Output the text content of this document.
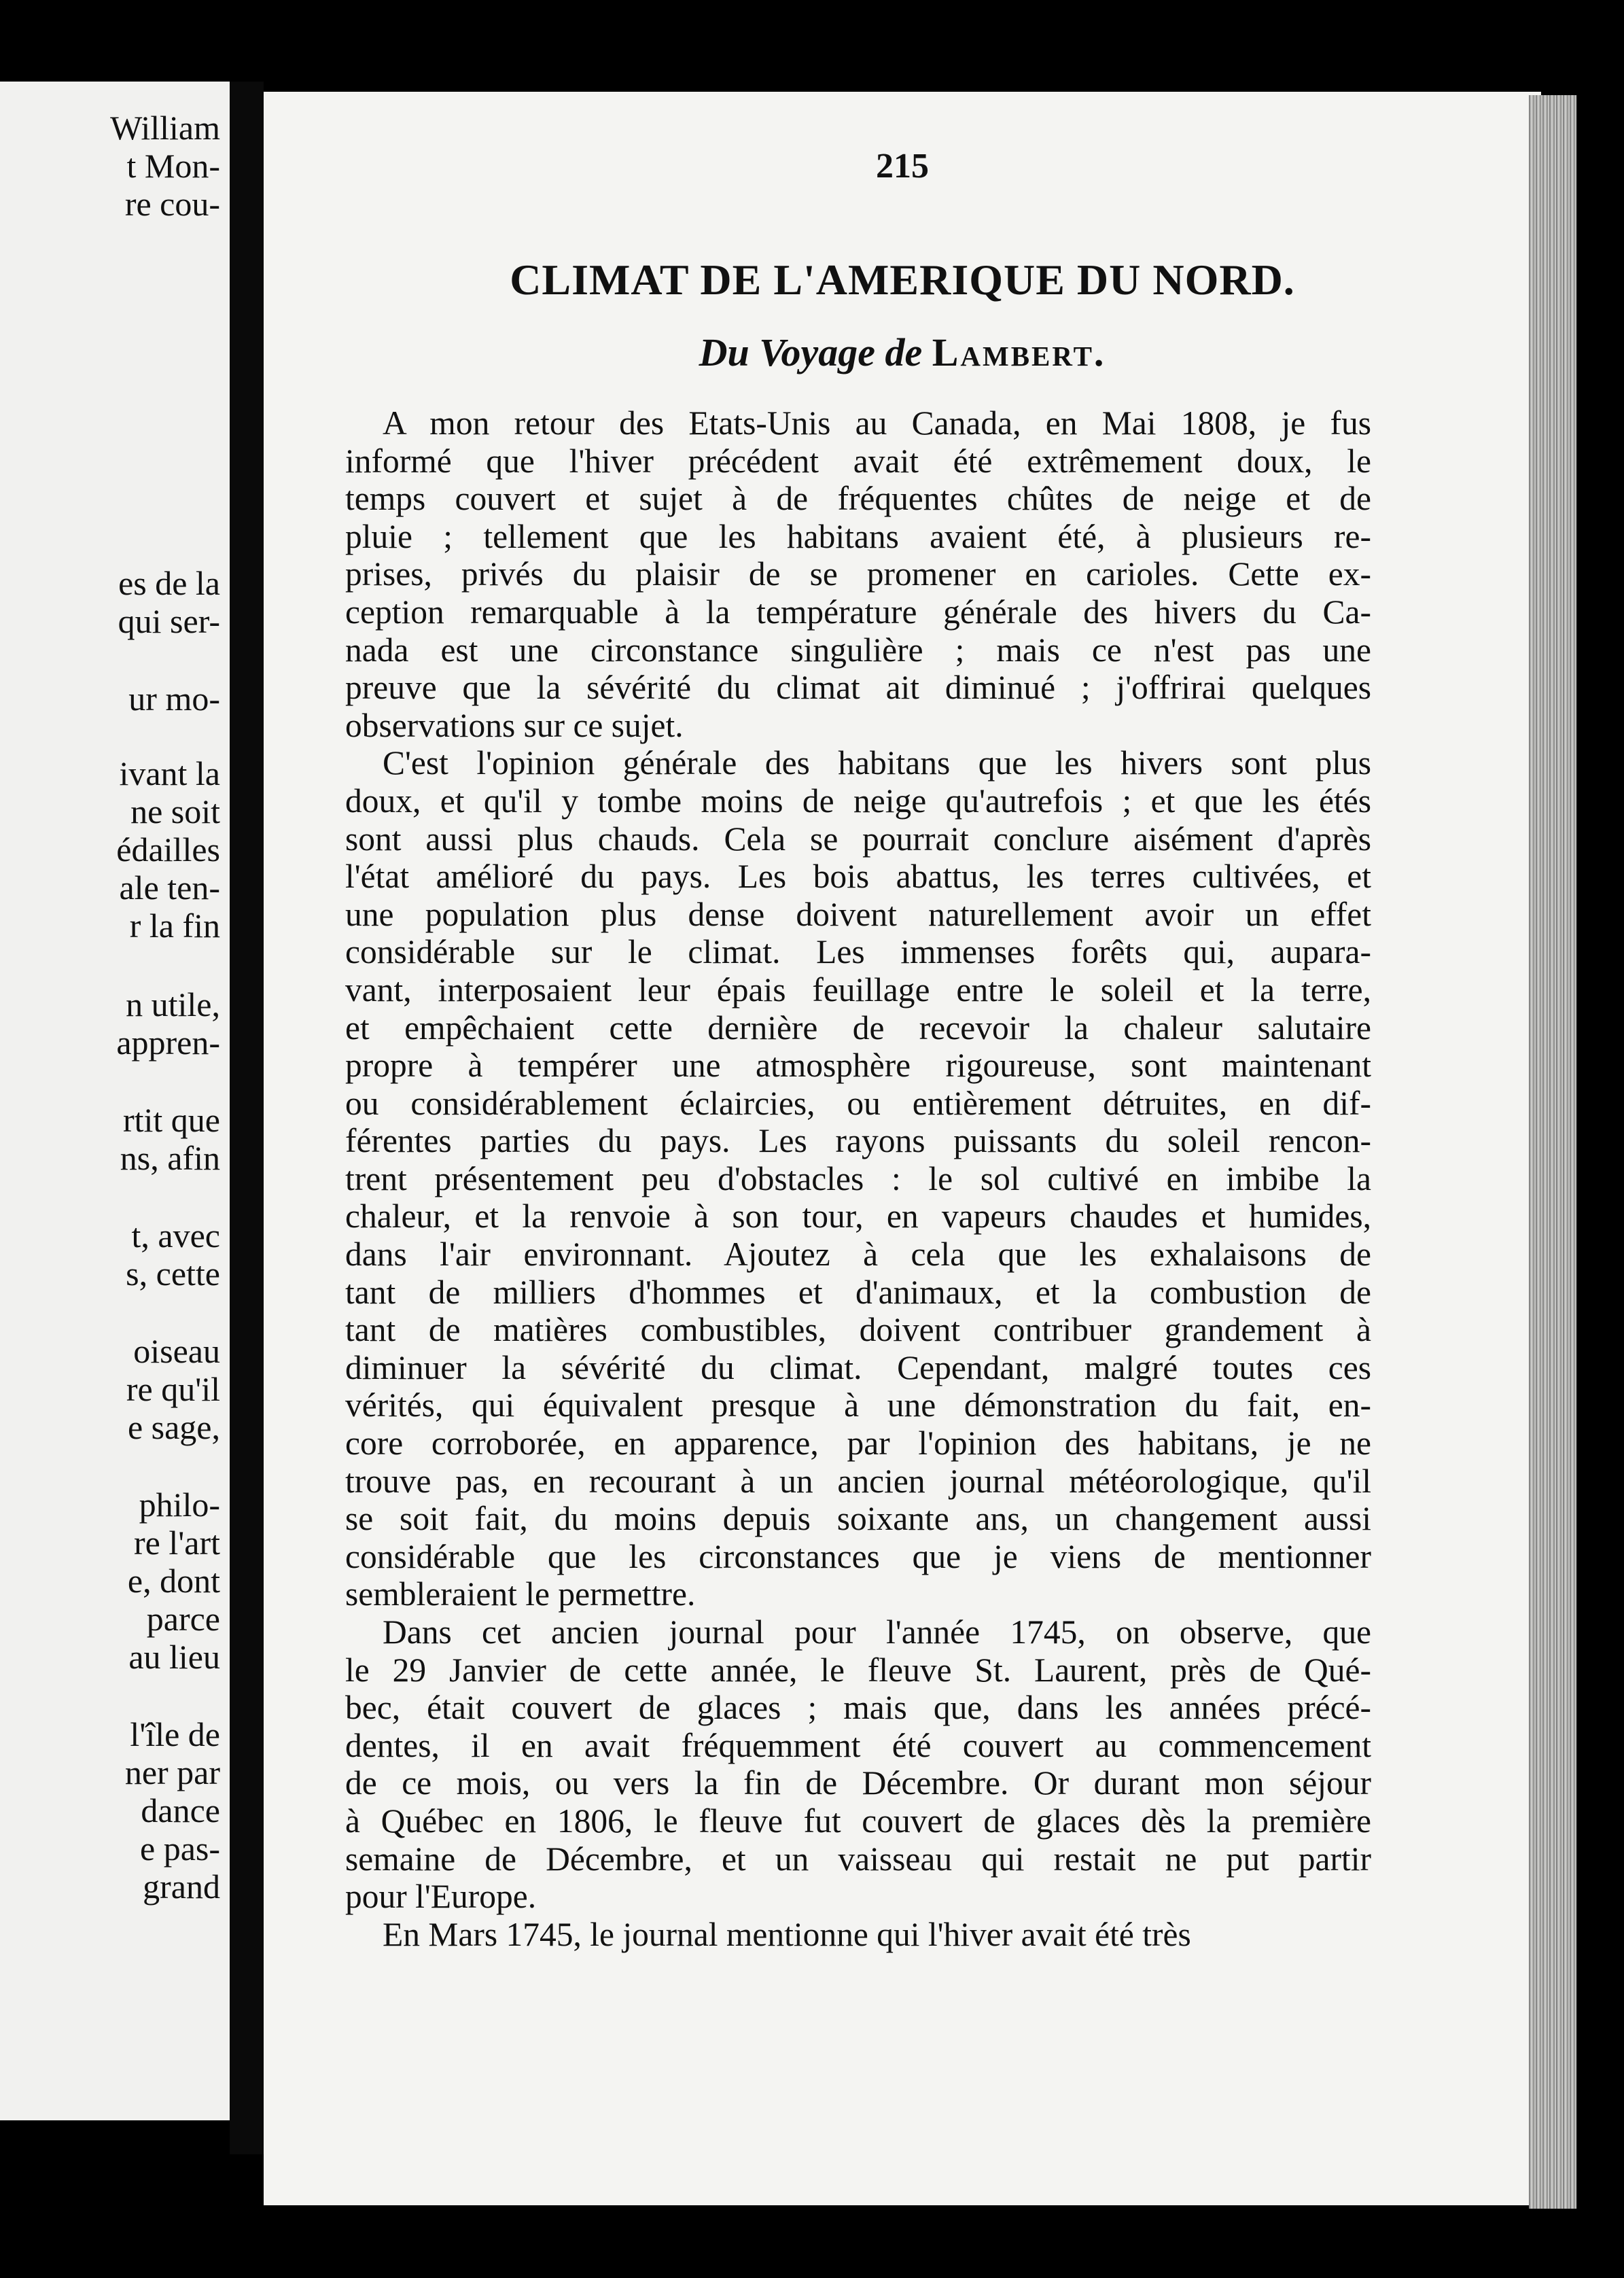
William
t Mon-
re cou-
es de la
qui ser-
ur mo-
ivant la
ne soit
édailles
ale ten-
r la fin
n utile,
appren-
rtit que
ns, afin
t, avec
s, cette
oiseau
re qu'il
e sage,
philo-
re l'art
e, dont
parce
au lieu
l'île de
ner par
dance
e pas-
grand
215
CLIMAT DE L'AMERIQUE DU NORD.
Du Voyage de Lambert.
A mon retour des Etats-Unis au Canada, en Mai 1808, je fus
informé que l'hiver précédent avait été extrêmement doux, le
temps couvert et sujet à de fréquentes chûtes de neige et de
pluie ; tellement que les habitans avaient été, à plusieurs re-
prises, privés du plaisir de se promener en carioles. Cette ex-
ception remarquable à la température générale des hivers du Ca-
nada est une circonstance singulière ; mais ce n'est pas une
preuve que la sévérité du climat ait diminué ; j'offrirai quelques
observations sur ce sujet.
C'est l'opinion générale des habitans que les hivers sont plus
doux, et qu'il y tombe moins de neige qu'autrefois ; et que les étés
sont aussi plus chauds. Cela se pourrait conclure aisément d'après
l'état amélioré du pays. Les bois abattus, les terres cultivées, et
une population plus dense doivent naturellement avoir un effet
considérable sur le climat. Les immenses forêts qui, aupara-
vant, interposaient leur épais feuillage entre le soleil et la terre,
et empêchaient cette dernière de recevoir la chaleur salutaire
propre à tempérer une atmosphère rigoureuse, sont maintenant
ou considérablement éclaircies, ou entièrement détruites, en dif-
férentes parties du pays. Les rayons puissants du soleil rencon-
trent présentement peu d'obstacles : le sol cultivé en imbibe la
chaleur, et la renvoie à son tour, en vapeurs chaudes et humides,
dans l'air environnant. Ajoutez à cela que les exhalaisons de
tant de milliers d'hommes et d'animaux, et la combustion de
tant de matières combustibles, doivent contribuer grandement à
diminuer la sévérité du climat. Cependant, malgré toutes ces
vérités, qui équivalent presque à une démonstration du fait, en-
core corroborée, en apparence, par l'opinion des habitans, je ne
trouve pas, en recourant à un ancien journal météorologique, qu'il
se soit fait, du moins depuis soixante ans, un changement aussi
considérable que les circonstances que je viens de mentionner
sembleraient le permettre.
Dans cet ancien journal pour l'année 1745, on observe, que
le 29 Janvier de cette année, le fleuve St. Laurent, près de Qué-
bec, était couvert de glaces ; mais que, dans les années précé-
dentes, il en avait fréquemment été couvert au commencement
de ce mois, ou vers la fin de Décembre. Or durant mon séjour
à Québec en 1806, le fleuve fut couvert de glaces dès la première
semaine de Décembre, et un vaisseau qui restait ne put partir
pour l'Europe.
En Mars 1745, le journal mentionne qui l'hiver avait été très
